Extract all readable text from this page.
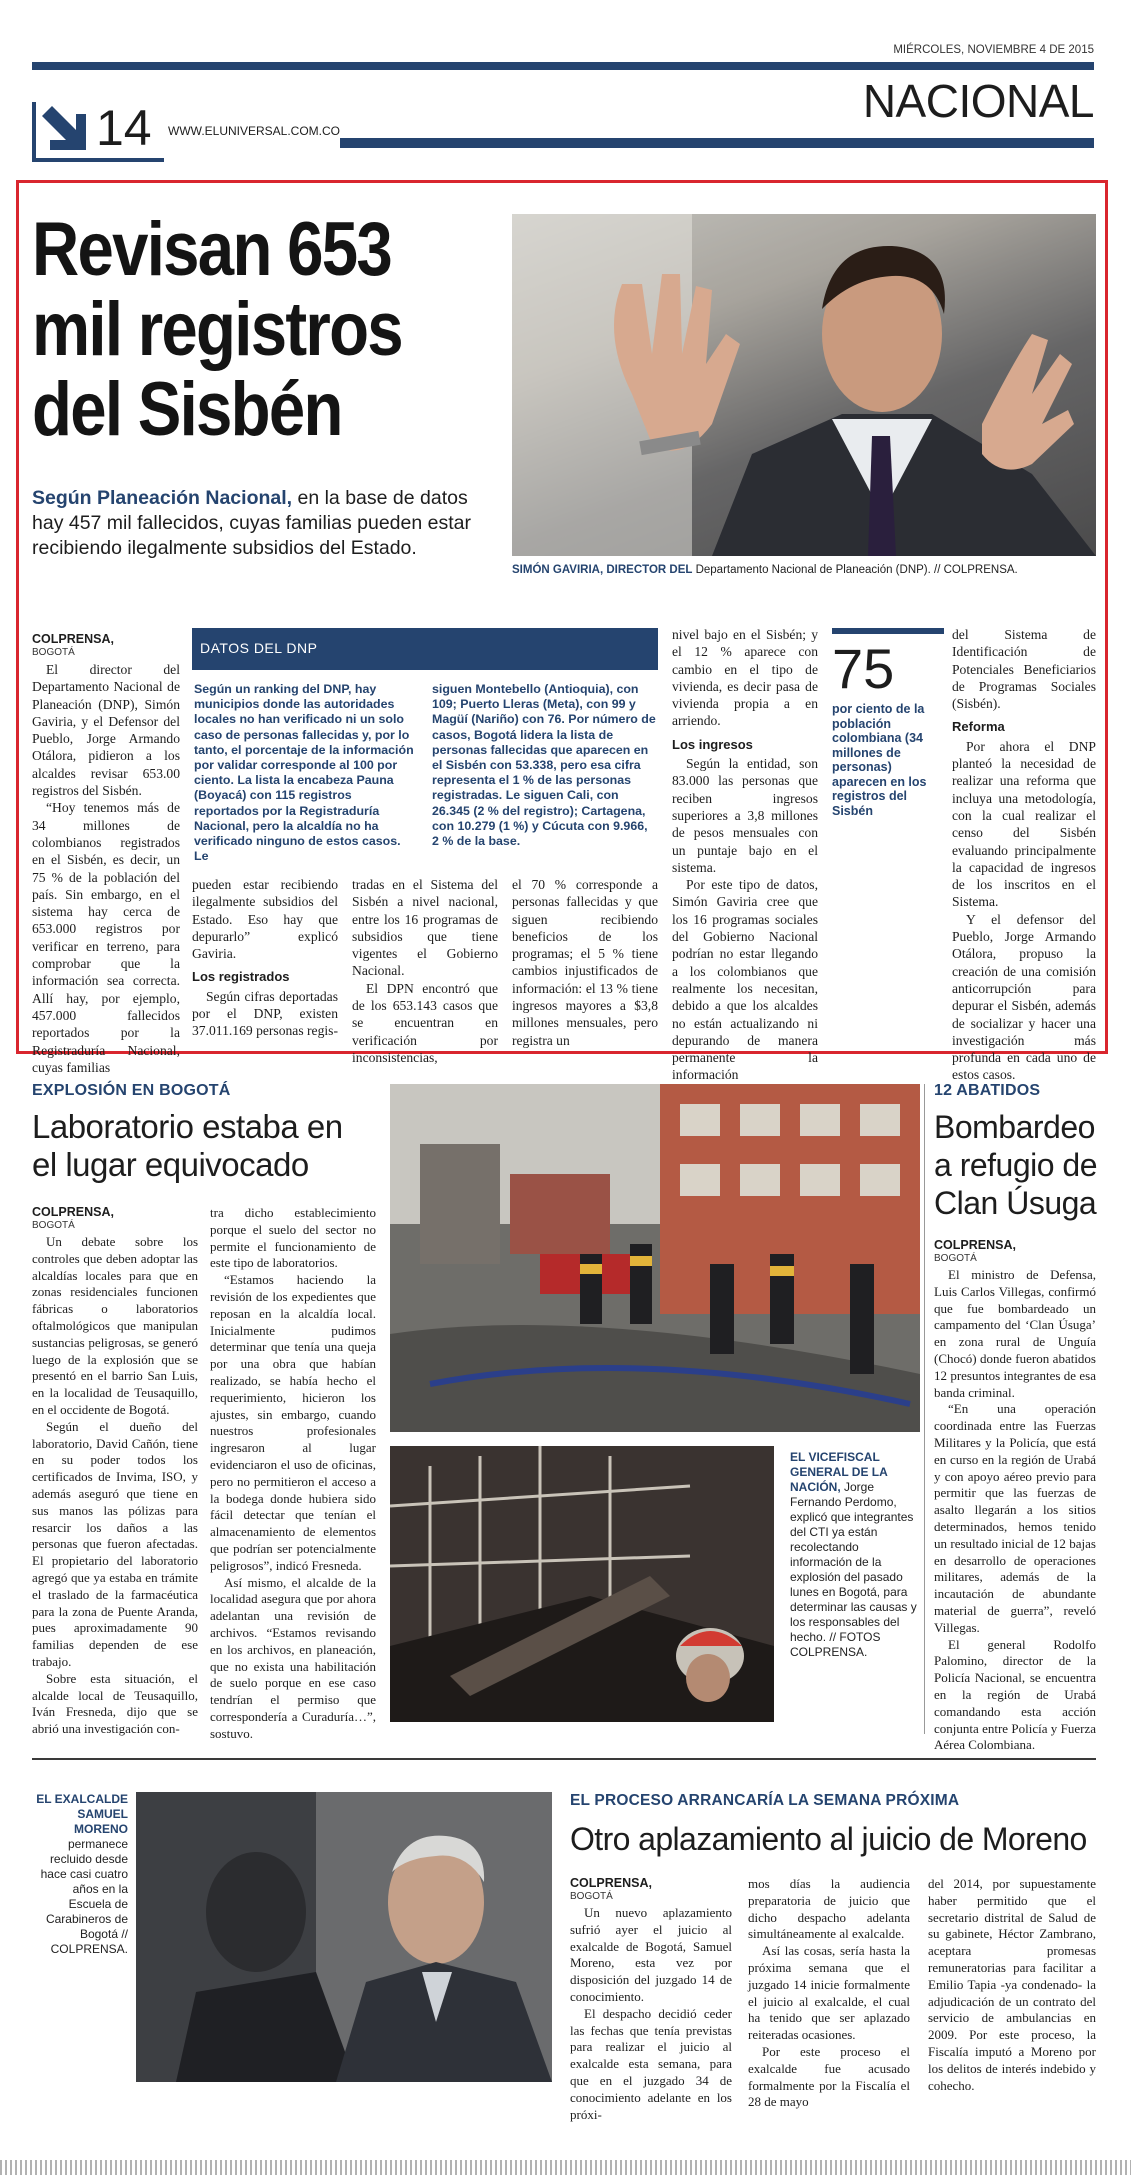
MIÉRCOLES, NOVIEMBRE 4 DE 2015
NACIONAL
14 WWW.ELUNIVERSAL.COM.CO
Revisan 653
mil registros
del Sisbén
Según Planeación Nacional, en la base de datos hay 457 mil fallecidos, cuyas familias pueden estar recibiendo ilegalmente subsidios del Estado.
SIMÓN GAVIRIA, DIRECTOR DEL Departamento Nacional de Planeación (DNP). // COLPRENSA.
COLPRENSA,
BOGOTÁ

El director del Departamento Nacional de Planeación (DNP), Simón Gaviria, y el Defensor del Pueblo, Jorge Armando Otálora, pidieron a los alcaldes revisar 653.00 registros del Sisbén.

“Hoy tenemos más de 34 millones de colombianos registrados en el Sisbén, es decir, un 75 % de la población del país. Sin embargo, en el sistema hay cerca de 653.000 registros por verificar en terreno, para comprobar que la información sea correcta. Allí hay, por ejemplo, 457.000 fallecidos reportados por la Registraduría Nacional, cuyas familias

DATOS DEL DNP
Según un ranking del DNP, hay municipios donde las autoridades locales no han verificado ni un solo caso de personas fallecidas y, por lo tanto, el porcentaje de la información por validar corresponde al 100 por ciento. La lista la encabeza Pauna (Boyacá) con 115 registros reportados por la Registraduría Nacional, pero la alcaldía no ha verificado ninguno de estos casos. Le
siguen Montebello (Antioquia), con 109; Puerto Lleras (Meta), con 99 y Magüí (Nariño) con 76. Por número de casos, Bogotá lidera la lista de personas fallecidas que aparecen en el Sisbén con 53.338, pero esa cifra representa el 1 % de las personas registradas. Le siguen Cali, con 26.345 (2 % del registro); Cartagena, con 10.279 (1 %) y Cúcuta con 9.966, 2 % de la base.

pueden estar recibiendo ilegalmente subsidios del Estado. Eso hay que depurarlo” explicó Gaviria.

Los registrados

Según cifras deportadas por el DNP, existen 37.011.169 personas regis-

tradas en el Sistema del Sisbén a nivel nacional, entre los 16 programas de subsidios que tiene vigentes el Gobierno Nacional.

El DPN encontró que de los 653.143 casos que se encuentran en verificación por inconsistencias,

el 70 % corresponde a personas fallecidas y que siguen recibiendo beneficios de los programas; el 5 % tiene cambios injustificados de información: el 13 % tiene ingresos mayores a $3,8 millones mensuales, pero registra un

nivel bajo en el Sisbén; y el 12 % aparece con cambio en el tipo de vivienda, es decir pasa de vivienda propia a en arriendo.

Los ingresos

Según la entidad, son 83.000 las personas que reciben ingresos superiores a 3,8 millones de pesos mensuales con un puntaje bajo en el sistema.

Por este tipo de datos, Simón Gaviria cree que los 16 programas sociales del Gobierno Nacional podrían no estar llegando a los colombianos que realmente los necesitan, debido a que los alcaldes no están actualizando ni depurando de manera permanente la información

75
por ciento de la población colombiana (34 millones de personas) aparecen en los registros del Sisbén

del Sistema de Identificación de Potenciales Beneficiarios de Programas Sociales (Sisbén).

Reforma

Por ahora el DNP planteó la necesidad de realizar una reforma que incluya una metodología, con la cual realizar el censo del Sisbén evaluando principalmente la capacidad de ingresos de los inscritos en el Sistema.

Y el defensor del Pueblo, Jorge Armando Otálora, propuso la creación de una comisión anticorrupción para depurar el Sisbén, además de socializar y hacer una investigación más profunda en cada uno de estos casos.

EXPLOSIÓN EN BOGOTÁ
Laboratorio estaba en el lugar equivocado
COLPRENSA,
BOGOTÁ

Un debate sobre los controles que deben adoptar las alcaldías locales para que en zonas residenciales funcionen fábricas o laboratorios oftalmológicos que manipulan sustancias peligrosas, se generó luego de la explosión que se presentó en el barrio San Luis, en la localidad de Teusaquillo, en el occidente de Bogotá.

Según el dueño del laboratorio, David Cañón, tiene en su poder todos los certificados de Invima, ISO, y además aseguró que tiene en sus manos las pólizas para resarcir los daños a las personas que fueron afectadas. El propietario del laboratorio agregó que ya estaba en trámite el traslado de la farmacéutica para la zona de Puente Aranda, pues aproximadamente 90 familias dependen de ese trabajo.

Sobre esta situación, el alcalde local de Teusaquillo, Iván Fresneda, dijo que se abrió una investigación con-

tra dicho establecimiento porque el suelo del sector no permite el funcionamiento de este tipo de laboratorios.

“Estamos haciendo la revisión de los expedientes que reposan en la alcaldía local. Inicialmente pudimos determinar que tenía una queja por una obra que habían realizado, se había hecho el requerimiento, hicieron los ajustes, sin embargo, cuando nuestros profesionales ingresaron al lugar evidenciaron el uso de oficinas, pero no permitieron el acceso a la bodega donde hubiera sido fácil detectar que tenían el almacenamiento de elementos que podrían ser potencialmente peligrosos”, indicó Fresneda.

Así mismo, el alcalde de la localidad asegura que por ahora adelantan una revisión de archivos. “Estamos revisando en los archivos, en planeación, que no exista una habilitación de suelo porque en ese caso tendrían el permiso que correspondería a Curaduría…”, sostuvo.

EL VICEFISCAL GENERAL DE LA NACIÓN, Jorge Fernando Perdomo, explicó que integrantes del CTI ya están recolectando información de la explosión del pasado lunes en Bogotá, para determinar las causas y los responsables del hecho. // FOTOS COLPRENSA.
12 ABATIDOS
Bombardeo a refugio de Clan Úsuga
COLPRENSA,
BOGOTÁ

El ministro de Defensa, Luis Carlos Villegas, confirmó que fue bombardeado un campamento del ‘Clan Úsuga’ en zona rural de Unguía (Chocó) donde fueron abatidos 12 presuntos integrantes de esa banda criminal.

“En una operación coordinada entre las Fuerzas Militares y la Policía, que está en curso en la región de Urabá y con apoyo aéreo previo para permitir que las fuerzas de asalto llegarán a los sitios determinados, hemos tenido un resultado inicial de 12 bajas en desarrollo de operaciones militares, además de la incautación de abundante material de guerra”, reveló Villegas.

El general Rodolfo Palomino, director de la Policía Nacional, se encuentra en la región de Urabá comandando esta acción conjunta entre Policía y Fuerza Aérea Colombiana.

EL EXALCALDE SAMUEL MORENO permanece recluido desde hace casi cuatro años en la Escuela de Carabineros de Bogotá // COLPRENSA.
EL PROCESO ARRANCARÍA LA SEMANA PRÓXIMA
Otro aplazamiento al juicio de Moreno
COLPRENSA,
BOGOTÁ

Un nuevo aplazamiento sufrió ayer el juicio al exalcalde de Bogotá, Samuel Moreno, esta vez por disposición del juzgado 14 de conocimiento.

El despacho decidió ceder las fechas que tenía previstas para realizar el juicio al exalcalde esta semana, para que en el juzgado 34 de conocimiento adelante en los próxi-

mos días la audiencia preparatoria de juicio que dicho despacho adelanta simultáneamente al exalcalde.

Así las cosas, sería hasta la próxima semana que el juzgado 14 inicie formalmente el juicio al exalcalde, el cual ha tenido que ser aplazado reiteradas ocasiones.

Por este proceso el exalcalde fue acusado formalmente por la Fiscalía el 28 de mayo

del 2014, por supuestamente haber permitido que el secretario distrital de Salud de su gabinete, Héctor Zambrano, aceptara promesas remuneratorias para facilitar a Emilio Tapia -ya condenado- la adjudicación de un contrato del servicio de ambulancias en 2009. Por este proceso, la Fiscalía imputó a Moreno por los delitos de interés indebido y cohecho.
